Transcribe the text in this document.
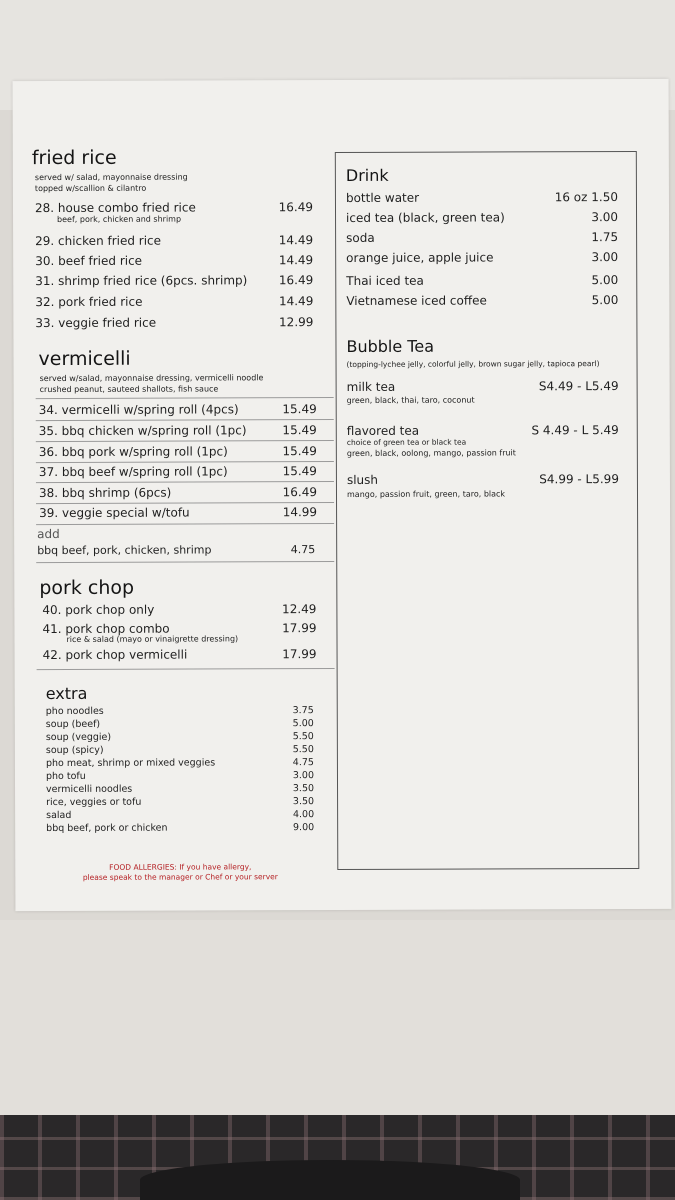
fried rice
served w/ salad, mayonnaise dressing
topped w/scallion & cilantro
28. house combo fried rice	16.49
beef, pork, chicken and shrimp
29. chicken fried rice	14.49
30. beef fried rice	14.49
31. shrimp fried rice (6pcs. shrimp)	16.49
32. pork fried rice	14.49
33. veggie fried rice	12.99
vermicelli
served w/salad, mayonnaise dressing, vermicelli noodle
crushed peanut, sauteed shallots, fish sauce
34. vermicelli w/spring roll (4pcs)	15.49
35. bbq chicken w/spring roll (1pc)	15.49
36. bbq pork w/spring roll (1pc)	15.49
37. bbq beef w/spring roll (1pc)	15.49
38. bbq shrimp (6pcs)	16.49
39. veggie special w/tofu	14.99
add
bbq beef, pork, chicken, shrimp	4.75
pork chop
40. pork chop only	12.49
41. pork chop combo	17.99
rice & salad (mayo or vinaigrette dressing)
42. pork chop vermicelli	17.99
extra
pho noodles	3.75
soup (beef)	5.00
soup (veggie)	5.50
soup (spicy)	5.50
pho meat, shrimp or mixed veggies	4.75
pho tofu	3.00
vermicelli noodles	3.50
rice, veggies or tofu	3.50
salad	4.00
bbq beef, pork or chicken	9.00
FOOD ALLERGIES: If you have allergy,
please speak to the manager or Chef or your server
Drink
bottle water	16 oz 1.50
iced tea (black, green tea)	3.00
soda	1.75
orange juice, apple juice	3.00
Thai iced tea	5.00
Vietnamese iced coffee	5.00
Bubble Tea
(topping-lychee jelly, colorful jelly, brown sugar jelly, tapioca pearl)
milk tea	S4.49 - L5.49
green, black, thai, taro, coconut
flavored tea	S 4.49 - L 5.49
choice of green tea or black tea
green, black, oolong, mango, passion fruit
slush	S4.99 - L5.99
mango, passion fruit, green, taro, black
